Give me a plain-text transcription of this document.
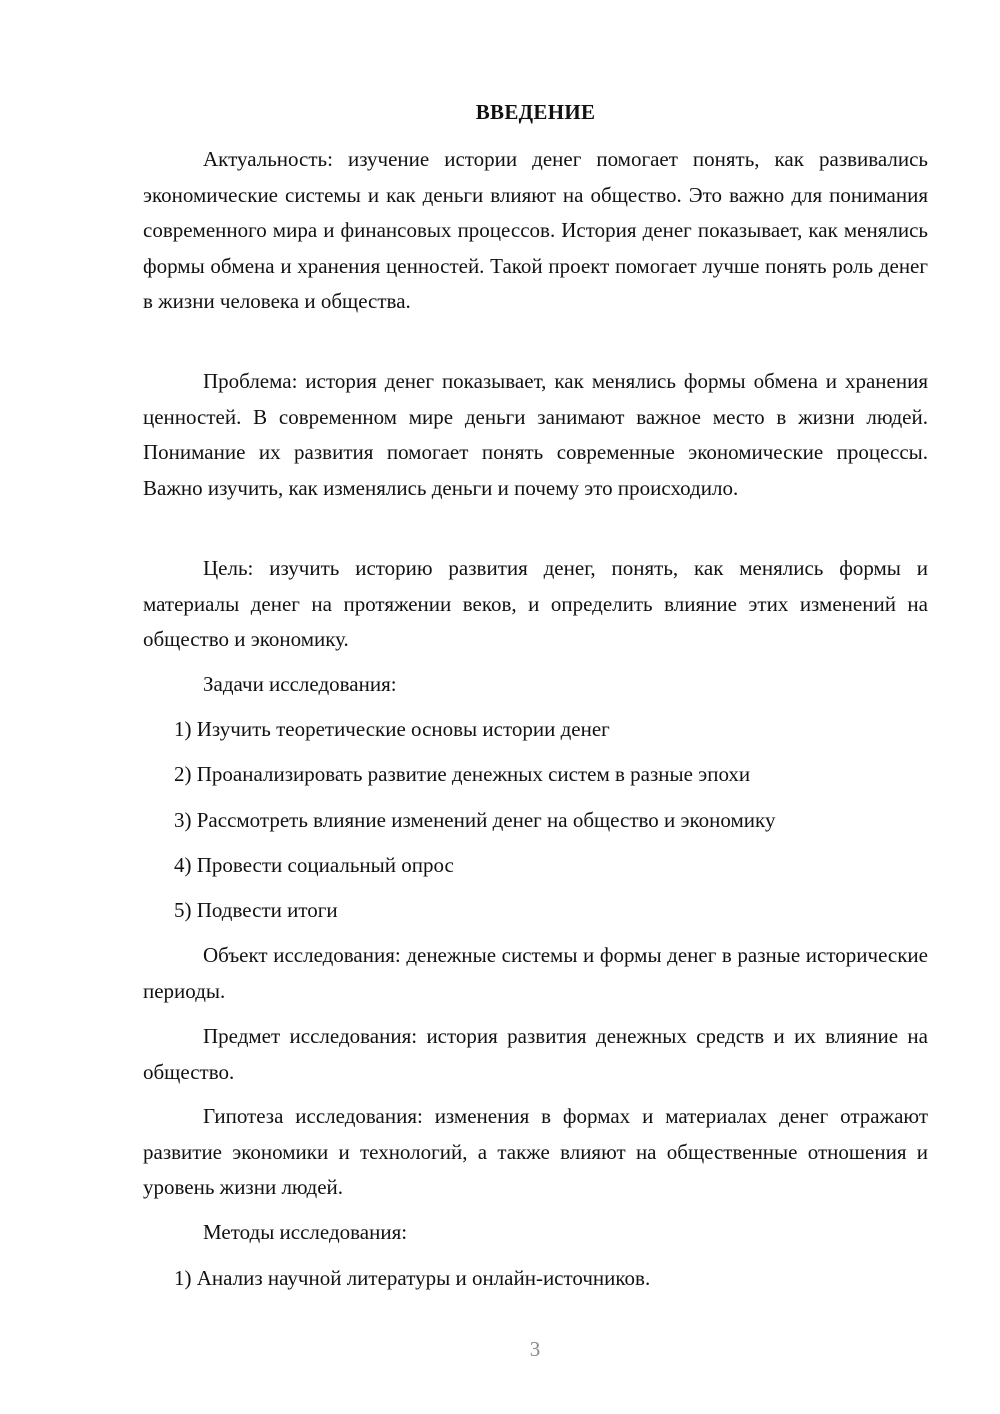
ВВЕДЕНИЕ

Актуальность: изучение истории денег помогает понять, как развивались экономические системы и как деньги влияют на общество. Это важно для понимания современного мира и финансовых процессов. История денег показывает, как менялись формы обмена и хранения ценностей. Такой проект помогает лучше понять роль денег в жизни человека и общества.

Проблема: история денег показывает, как менялись формы обмена и хранения ценностей. В современном мире деньги занимают важное место в жизни людей. Понимание их развития помогает понять современные экономические процессы. Важно изучить, как изменялись деньги и почему это происходило.

Цель: изучить историю развития денег, понять, как менялись формы и материалы денег на протяжении веков, и определить влияние этих изменений на общество и экономику.

Задачи исследования:

1) Изучить теоретические основы истории денег

2) Проанализировать развитие денежных систем в разные эпохи

3) Рассмотреть влияние изменений денег на общество и экономику

4) Провести социальный опрос

5) Подвести итоги

Объект исследования: денежные системы и формы денег в разные исторические периоды.

Предмет исследования: история развития денежных средств и их влияние на общество.

Гипотеза исследования: изменения в формах и материалах денег отражают развитие экономики и технологий, а также влияют на общественные отношения и уровень жизни людей.

Методы исследования:

1) Анализ научной литературы и онлайн-источников.

3
